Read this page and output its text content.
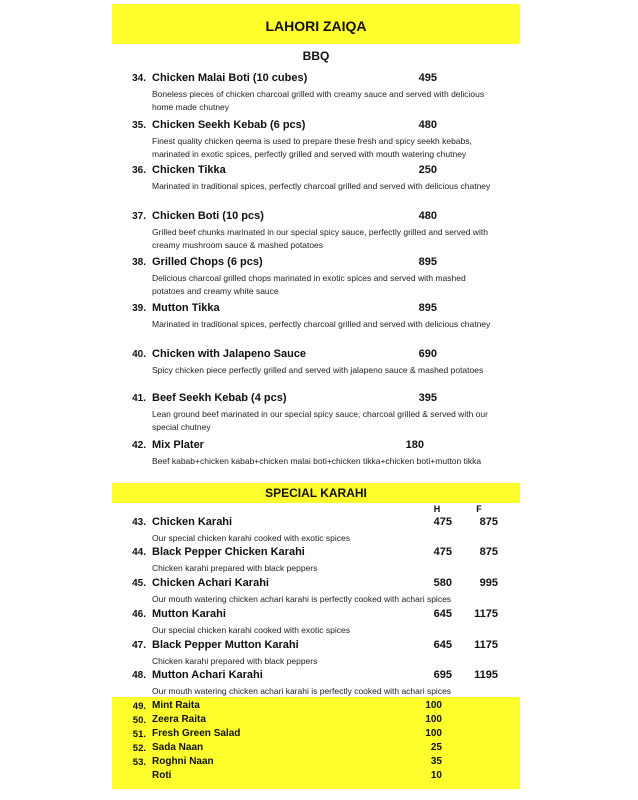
LAHORI ZAIQA
BBQ
34. Chicken Malai Boti (10 cubes)	495
Boneless pieces of chicken charcoal grilled with creamy sauce and served with delicious home made chutney
35. Chicken Seekh Kebab (6 pcs)	480
Finest quality chicken qeema is used to prepare these fresh and spicy seekh kebabs, marinated in exotic spices, perfectly grilled and served with mouth watering chutney
36. Chicken Tikka	250
Marinated in traditional spices, perfectly charcoal grilled and served with delicious chatney
37. Chicken Boti (10 pcs)	480
Grilled beef chunks marinated in our special spicy sauce, perfectly grilled and served with creamy mushroom sauce & mashed potatoes
38. Grilled Chops (6 pcs)	895
Delicious charcoal grilled chops marinated in exotic spices and served with mashed potatoes and creamy white sauce
39. Mutton Tikka	895
Marinated in traditional spices, perfectly charcoal grilled and served with delicious chatney
40. Chicken with Jalapeno Sauce	690
Spicy chicken piece perfectly grilled and served with jalapeno sauce & mashed potatoes
41. Beef Seekh Kebab (4 pcs)	395
Lean ground beef marinated in our special spicy sauce, charcoal grilled & served with our special chutney
42. Mix Plater	180
Beef kabab+chicken kabab+chicken malai boti+chicken tikka+chicken boti+mutton tikka
SPECIAL KARAHI
H	F
43. Chicken Karahi	475	875
Our special chicken karahi cooked with exotic spices
44. Black Pepper Chicken Karahi	475	875
Chicken karahi prepared with black peppers
45. Chicken Achari Karahi	580	995
Our mouth watering chicken achari karahi is perfectly cooked with achari spices
46. Mutton Karahi	645	1175
Our special chicken karahi cooked with exotic spices
47. Black Pepper Mutton Karahi	645	1175
Chicken karahi prepared with black peppers
48. Mutton Achari Karahi	695	1195
Our mouth watering chicken achari karahi is perfectly cooked with achari spices
49. Mint Raita	100
50. Zeera Raita	100
51. Fresh Green Salad	100
52. Sada Naan	25
53. Roghni Naan	35
Roti	10
